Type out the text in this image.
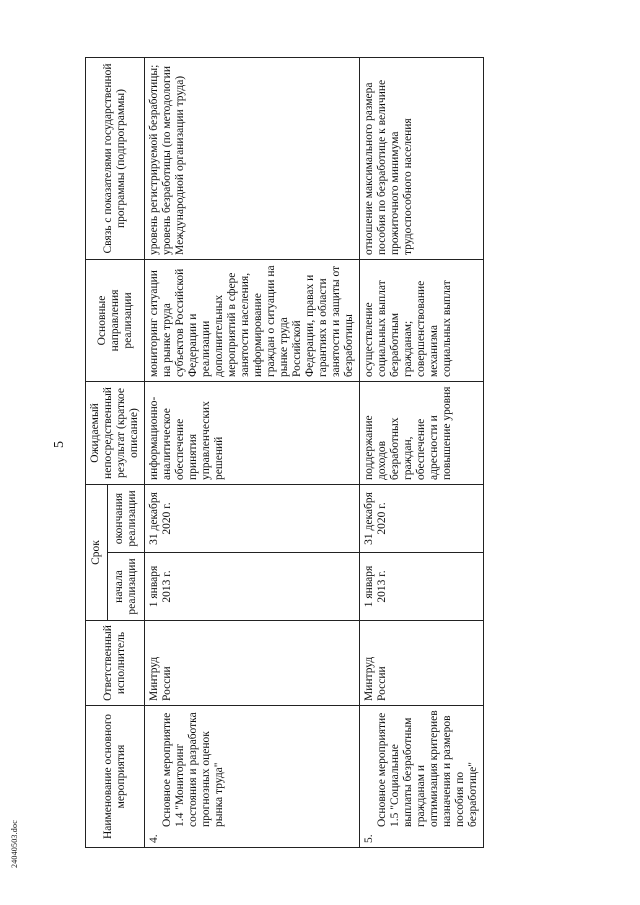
5
24040503.doc
Наименование основного мероприятия	Ответственный исполнитель	Срок		Ожидаемый непосредственный результат (краткое описание)	Основные направления реализации	Связь с показателями государственной программы (подпрограммы)
		начала реализации	окончания реализации			
4.
Основное мероприятие 1.4 "Мониторинг состояния и разработка прогнозных оценок рынка труда"	Минтруд России	1 января 2013 г.	31 декабря 2020 г.	информационно-аналитическое обеспечение принятия управленческих решений	мониторинг ситуации на рынке труда субъектов Российской Федерации и реализации дополнительных мероприятий в сфере занятости населения, информирование граждан о ситуации на рынке труда Российской Федерации, правах и гарантиях в области занятости и защиты от безработицы	уровень регистрируемой безработицы; уровень безработицы (по методологии Международной организации труда)
5.
Основное мероприятие 1.5 "Социальные выплаты безработным гражданам и оптимизация критериев назначения и размеров пособия по безработице"	Минтруд России	1 января 2013 г.	31 декабря 2020 г.	поддержание доходов безработных граждан, обеспечение адресности и повышение уровня	осуществление социальных выплат безработным гражданам; совершенствование механизма социальных выплат	отношение максимального размера пособия по безработице к величине прожиточного минимума трудоспособного населения
